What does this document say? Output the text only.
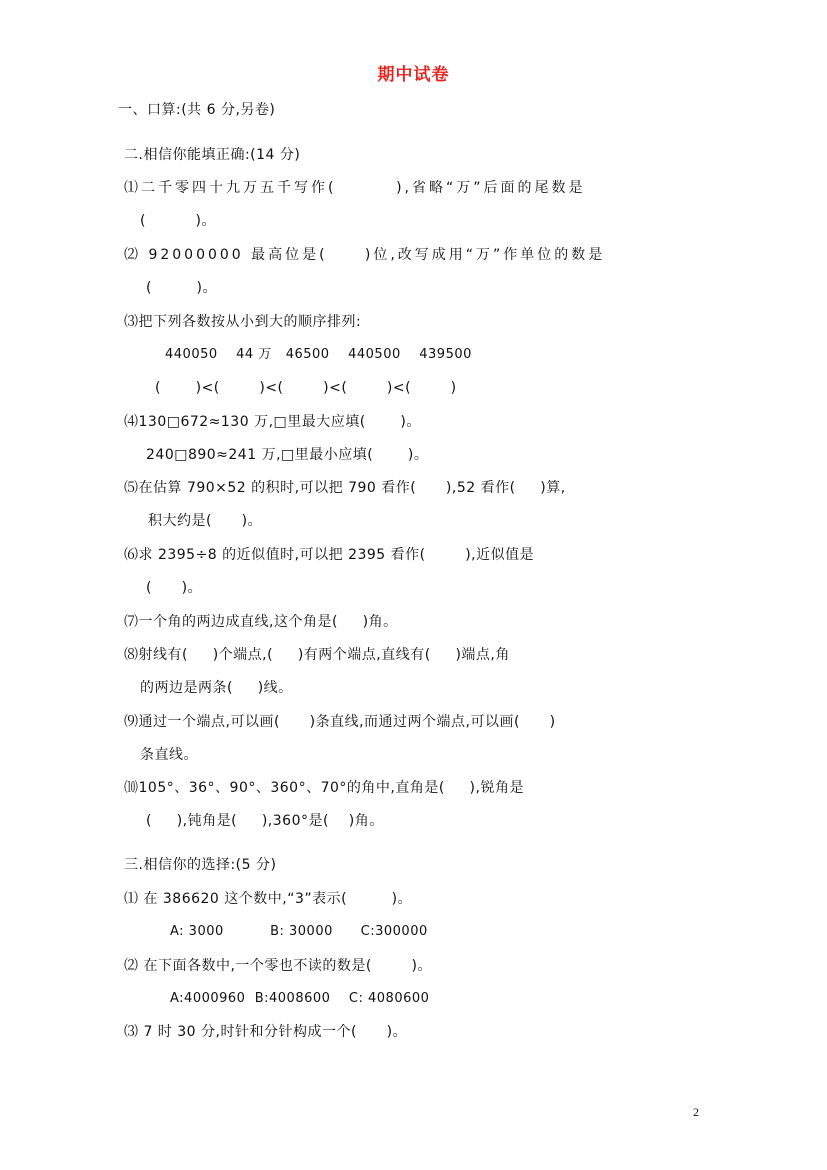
期中试卷
一、口算:(共 6 分,另卷)
二.相信你能填正确:(14 分)
⑴二千零四十九万五千写作(        ),省略“万”后面的尾数是
(          )。
⑵ 92000000 最高位是(     )位,改写成用“万”作单位的数是
(         )。
⑶把下列各数按从小到大的顺序排列:
440050    44 万   46500    440500    439500
(       )<(        )<(        )<(        )<(        )
⑷130□672≈130 万,□里最大应填(       )。
240□890≈241 万,□里最小应填(       )。
⑸在估算 790×52 的积时,可以把 790 看作(      ),52 看作(     )算,
积大约是(      )。
⑹求 2395÷8 的近似值时,可以把 2395 看作(        ),近似值是
(      )。
⑺一个角的两边成直线,这个角是(     )角。
⑻射线有(     )个端点,(     )有两个端点,直线有(     )端点,角
的两边是两条(     )线。
⑼通过一个端点,可以画(      )条直线,而通过两个端点,可以画(      )
条直线。
⑽105°、36°、90°、360°、70°的角中,直角是(     ),锐角是
(     ),钝角是(     ),360°是(    )角。
三.相信你的选择:(5 分)
⑴ 在 386620 这个数中,“3”表示(         )。
A: 3000          B: 30000      C:300000
⑵ 在下面各数中,一个零也不读的数是(        )。
A:4000960  B:4008600    C: 4080600
⑶ 7 时 30 分,时针和分针构成一个(      )。
2
